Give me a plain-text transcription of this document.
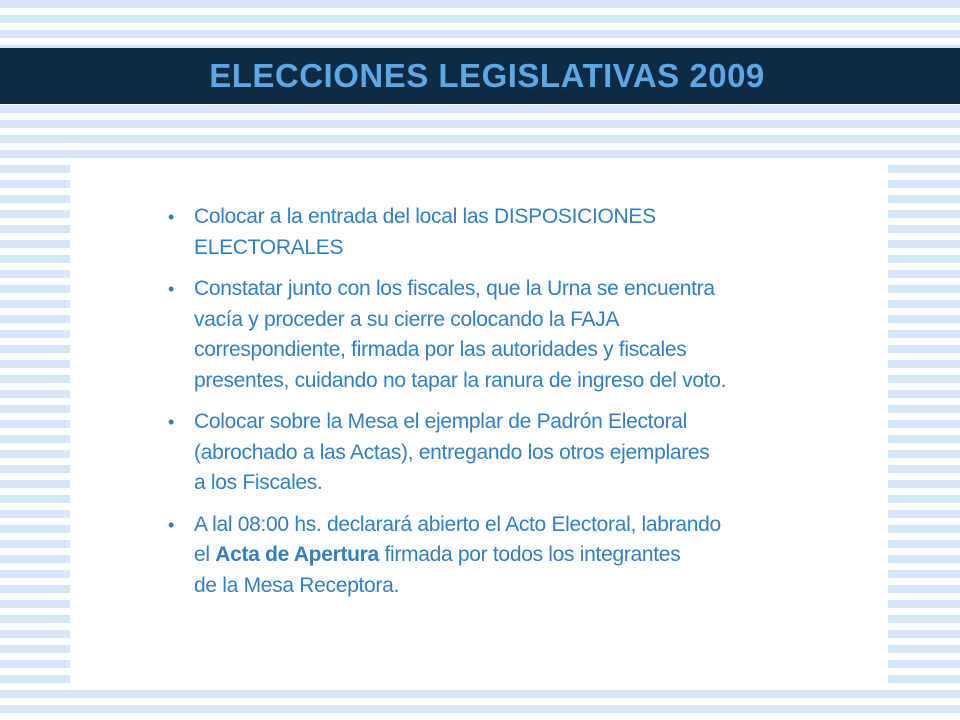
ELECCIONES LEGISLATIVAS 2009
• Colocar a la entrada del local las DISPOSICIONES
ELECTORALES
• Constatar junto con los fiscales, que la Urna se encuentra
vacía y proceder a su cierre colocando la FAJA
correspondiente, firmada por las autoridades y fiscales
presentes, cuidando no tapar la ranura de ingreso del voto.
• Colocar sobre la Mesa el ejemplar de Padrón Electoral
(abrochado a las Actas), entregando los otros ejemplares
a los Fiscales.
• A lal 08:00 hs. declarará abierto el Acto Electoral, labrando
el Acta de Apertura firmada por todos los integrantes
de la Mesa Receptora.
